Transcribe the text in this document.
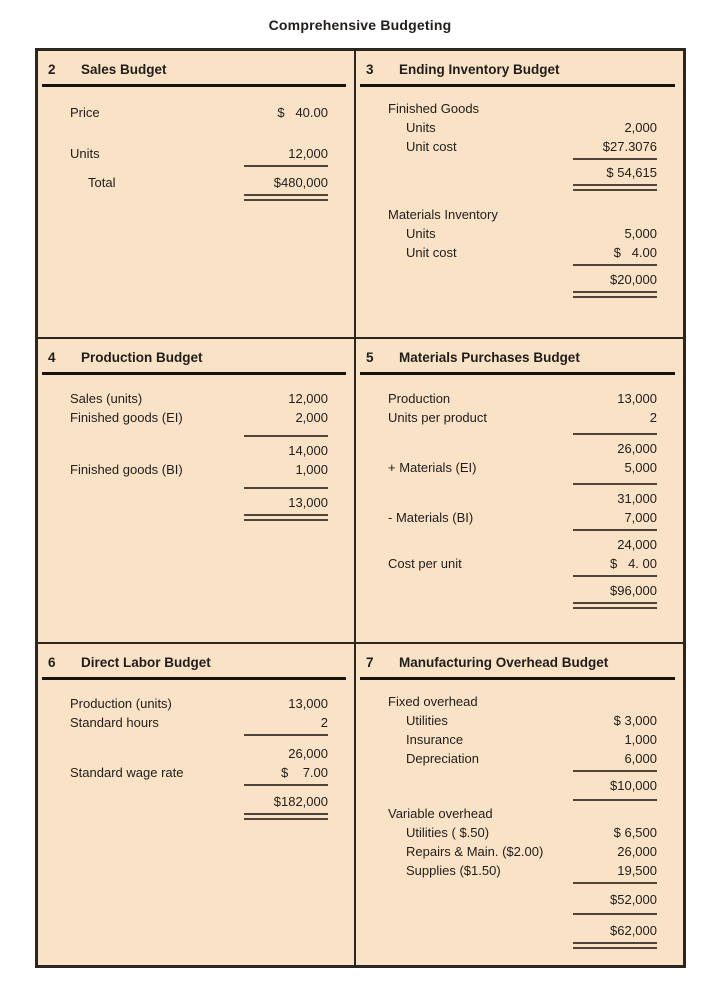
Comprehensive Budgeting
2	Sales Budget
Price	$   40.00
Units	12,000
Total	$480,000
3	Ending Inventory Budget
Finished Goods
Units	2,000
Unit cost	$27.3076
$ 54,615
Materials Inventory
Units	5,000
Unit cost	$   4.00
$20,000
4	Production Budget
Sales (units)	12,000
Finished goods (EI)	2,000
14,000
Finished goods (BI)	1,000
13,000
5	Materials Purchases Budget
Production	13,000
Units per product	2
26,000
+ Materials (EI)	5,000
31,000
- Materials (BI)	7,000
24,000
Cost per unit	$   4. 00
$96,000
6	Direct Labor Budget
Production (units)	13,000
Standard hours	2
26,000
Standard wage rate	$    7.00
$182,000
7	Manufacturing Overhead Budget
Fixed overhead
Utilities	$ 3,000
Insurance	1,000
Depreciation	6,000
$10,000
Variable overhead
Utilities ( $.50)	$ 6,500
Repairs & Main. ($2.00)	26,000
Supplies ($1.50)	19,500
$52,000
$62,000
